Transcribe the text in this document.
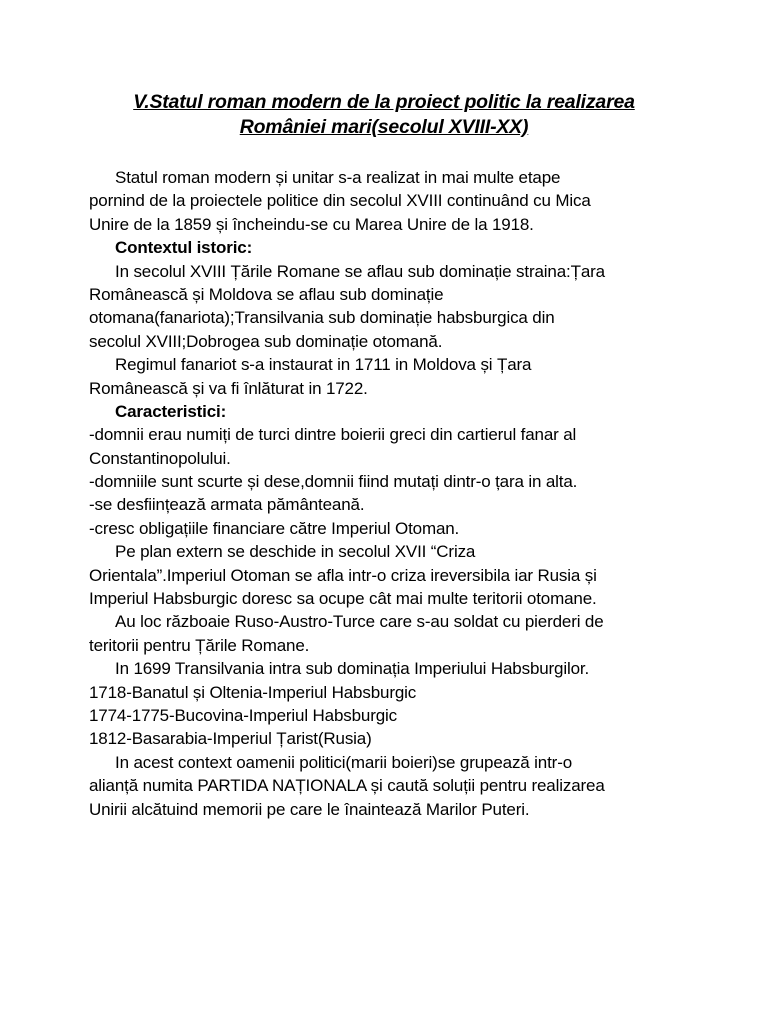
V.Statul roman modern de la proiect politic la realizarea
României mari(secolul XVIII-XX)
Statul roman modern și unitar s-a realizat in mai multe etape
pornind de la proiectele politice din secolul XVIII continuând cu Mica
Unire de la 1859 și încheindu-se cu Marea Unire de la 1918.
Contextul istoric:
In secolul XVIII Țările Romane se aflau sub dominație straina:Țara
Românească și Moldova se aflau sub dominație
otomana(fanariota);Transilvania sub dominație habsburgica din
secolul XVIII;Dobrogea sub dominație otomană.
Regimul fanariot s-a instaurat in 1711 in Moldova și Țara
Românească și va fi înlăturat in 1722.
Caracteristici:
-domnii erau numiți de turci dintre boierii greci din cartierul fanar al
Constantinopolului.
-domniile sunt scurte și dese,domnii fiind mutați dintr-o țara in alta.
-se desființează armata pământeană.
-cresc obligațiile financiare către Imperiul Otoman.
Pe plan extern se deschide in secolul XVII “Criza
Orientala”.Imperiul Otoman se afla intr-o criza ireversibila iar Rusia și
Imperiul Habsburgic doresc sa ocupe cât mai multe teritorii otomane.
Au loc războaie Ruso-Austro-Turce care s-au soldat cu pierderi de
teritorii pentru Țările Romane.
In 1699 Transilvania intra sub dominația Imperiului Habsburgilor.
1718-Banatul și Oltenia-Imperiul Habsburgic
1774-1775-Bucovina-Imperiul Habsburgic
1812-Basarabia-Imperiul Țarist(Rusia)
In acest context oamenii politici(marii boieri)se grupează intr-o
alianță numita PARTIDA NAȚIONALA și caută soluții pentru realizarea
Unirii alcătuind memorii pe care le înaintează Marilor Puteri.
